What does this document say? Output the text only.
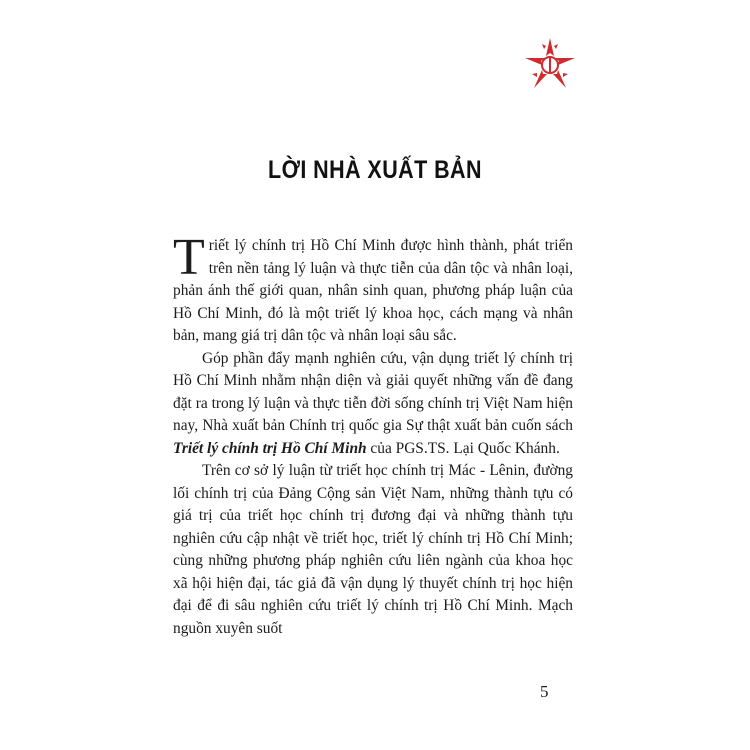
LỜI NHÀ XUẤT BẢN

Triết lý chính trị Hồ Chí Minh được hình thành, phát triển trên nền tảng lý luận và thực tiễn của dân tộc và nhân loại, phản ánh thế giới quan, nhân sinh quan, phương pháp luận của Hồ Chí Minh, đó là một triết lý khoa học, cách mạng và nhân bản, mang giá trị dân tộc và nhân loại sâu sắc.

Góp phần đẩy mạnh nghiên cứu, vận dụng triết lý chính trị Hồ Chí Minh nhằm nhận diện và giải quyết những vấn đề đang đặt ra trong lý luận và thực tiễn đời sống chính trị Việt Nam hiện nay, Nhà xuất bản Chính trị quốc gia Sự thật xuất bản cuốn sách Triết lý chính trị Hồ Chí Minh của PGS.TS. Lại Quốc Khánh.

Trên cơ sở lý luận từ triết học chính trị Mác - Lênin, đường lối chính trị của Đảng Cộng sản Việt Nam, những thành tựu có giá trị của triết học chính trị đương đại và những thành tựu nghiên cứu cập nhật về triết học, triết lý chính trị Hồ Chí Minh; cùng những phương pháp nghiên cứu liên ngành của khoa học xã hội hiện đại, tác giả đã vận dụng lý thuyết chính trị học hiện đại để đi sâu nghiên cứu triết lý chính trị Hồ Chí Minh. Mạch nguồn xuyên suốt

5
